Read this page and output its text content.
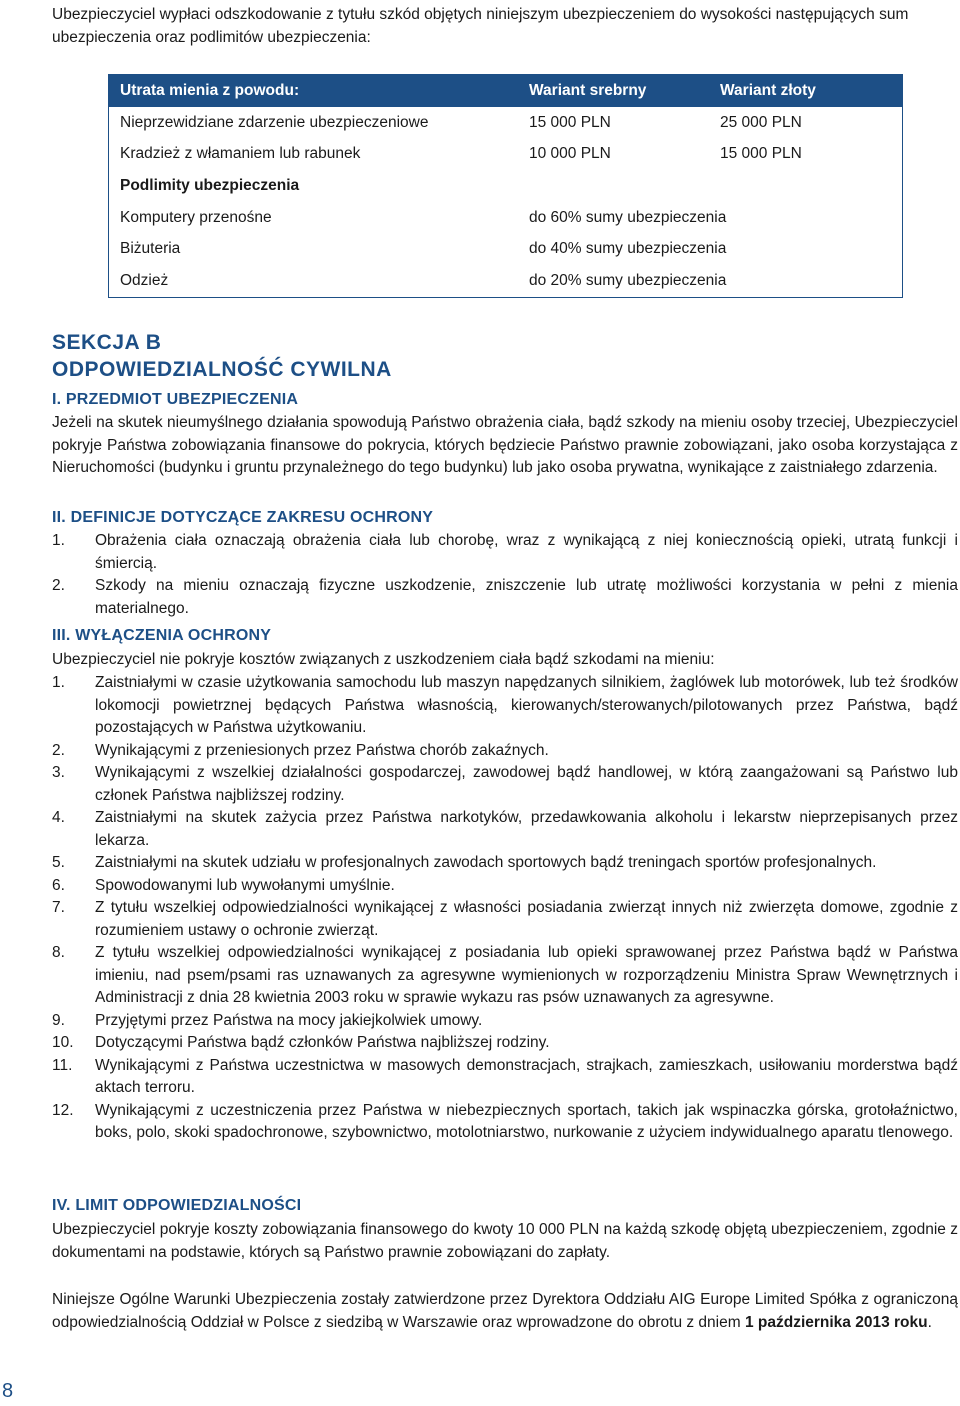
Ubezpieczyciel wypłaci odszkodowanie z tytułu szkód objętych niniejszym ubezpieczeniem do wysokości następujących sum ubezpieczenia oraz podlimitów ubezpieczenia:

Utrata mienia z powodu:	Wariant srebrny	Wariant złoty
Nieprzewidziane zdarzenie ubezpieczeniowe	15 000 PLN	25 000 PLN
Kradzież z włamaniem lub rabunek	10 000 PLN	15 000 PLN
Podlimity ubezpieczenia		
Komputery przenośne	do 60% sumy ubezpieczenia	
Biżuteria	do 40% sumy ubezpieczenia	
Odzież	do 20% sumy ubezpieczenia	
SEKCJA B
ODPOWIEDZIALNOŚĆ CYWILNA
I. PRZEDMIOT UBEZPIECZENIA

Jeżeli na skutek nieumyślnego działania spowodują Państwo obrażenia ciała, bądź szkody na mieniu osoby trzeciej, Ubezpieczyciel pokryje Państwa zobowiązania finansowe do pokrycia, których będziecie Państwo prawnie zobowiązani, jako osoba korzystająca z Nieruchomości (budynku i gruntu przynależnego do tego budynku) lub jako osoba prywatna, wynikające z zaistniałego zdarzenia.

II. DEFINICJE DOTYCZĄCE ZAKRESU OCHRONY
1. Obrażenia ciała oznaczają obrażenia ciała lub chorobę, wraz z wynikającą z niej koniecznością opieki, utratą funkcji i śmiercią.
2. Szkody na mieniu oznaczają fizyczne uszkodzenie, zniszczenie lub utratę możliwości korzystania w pełni z mienia materialnego.
III. WYŁĄCZENIA OCHRONY

Ubezpieczyciel nie pokryje kosztów związanych z uszkodzeniem ciała bądź szkodami na mieniu:

1. Zaistniałymi w czasie użytkowania samochodu lub maszyn napędzanych silnikiem, żaglówek lub motorówek, lub też środków lokomocji powietrznej będących Państwa własnością, kierowanych/sterowanych/pilotowanych przez Państwa, bądź pozostających w Państwa użytkowaniu.
2. Wynikającymi z przeniesionych przez Państwa chorób zakaźnych.
3. Wynikającymi z wszelkiej działalności gospodarczej, zawodowej bądź handlowej, w którą zaangażowani są Państwo lub członek Państwa najbliższej rodziny.
4. Zaistniałymi na skutek zażycia przez Państwa narkotyków, przedawkowania alkoholu i lekarstw nieprzepisanych przez lekarza.
5. Zaistniałymi na skutek udziału w profesjonalnych zawodach sportowych bądź treningach sportów profesjonalnych.
6. Spowodowanymi lub wywołanymi umyślnie.
7. Z tytułu wszelkiej odpowiedzialności wynikającej z własności posiadania zwierząt innych niż zwierzęta domowe, zgodnie z rozumieniem ustawy o ochronie zwierząt.
8. Z tytułu wszelkiej odpowiedzialności wynikającej z posiadania lub opieki sprawowanej przez Państwa bądź w Państwa imieniu, nad psem/psami ras uznawanych za agresywne wymienionych w rozporządzeniu Ministra Spraw Wewnętrznych i Administracji z dnia 28 kwietnia 2003 roku w sprawie wykazu ras psów uznawanych za agresywne.
9. Przyjętymi przez Państwa na mocy jakiejkolwiek umowy.
10. Dotyczącymi Państwa bądź członków Państwa najbliższej rodziny.
11. Wynikającymi z Państwa uczestnictwa w masowych demonstracjach, strajkach, zamieszkach, usiłowaniu morderstwa bądź aktach terroru.
12. Wynikającymi z uczestniczenia przez Państwa w niebezpiecznych sportach, takich jak wspinaczka górska, grotołaźnictwo, boks, polo, skoki spadochronowe, szybownictwo, motolotniarstwo, nurkowanie z użyciem indywidualnego aparatu tlenowego.
IV. LIMIT ODPOWIEDZIALNOŚCI

Ubezpieczyciel pokryje koszty zobowiązania finansowego do kwoty 10 000 PLN na każdą szkodę objętą ubezpieczeniem, zgodnie z dokumentami na podstawie, których są Państwo prawnie zobowiązani do zapłaty.

Niniejsze Ogólne Warunki Ubezpieczenia zostały zatwierdzone przez Dyrektora Oddziału AIG Europe Limited Spółka z ograniczoną odpowiedzialnością Oddział w Polsce z siedzibą w Warszawie oraz wprowadzone do obrotu z dniem 1 października 2013 roku.

8
